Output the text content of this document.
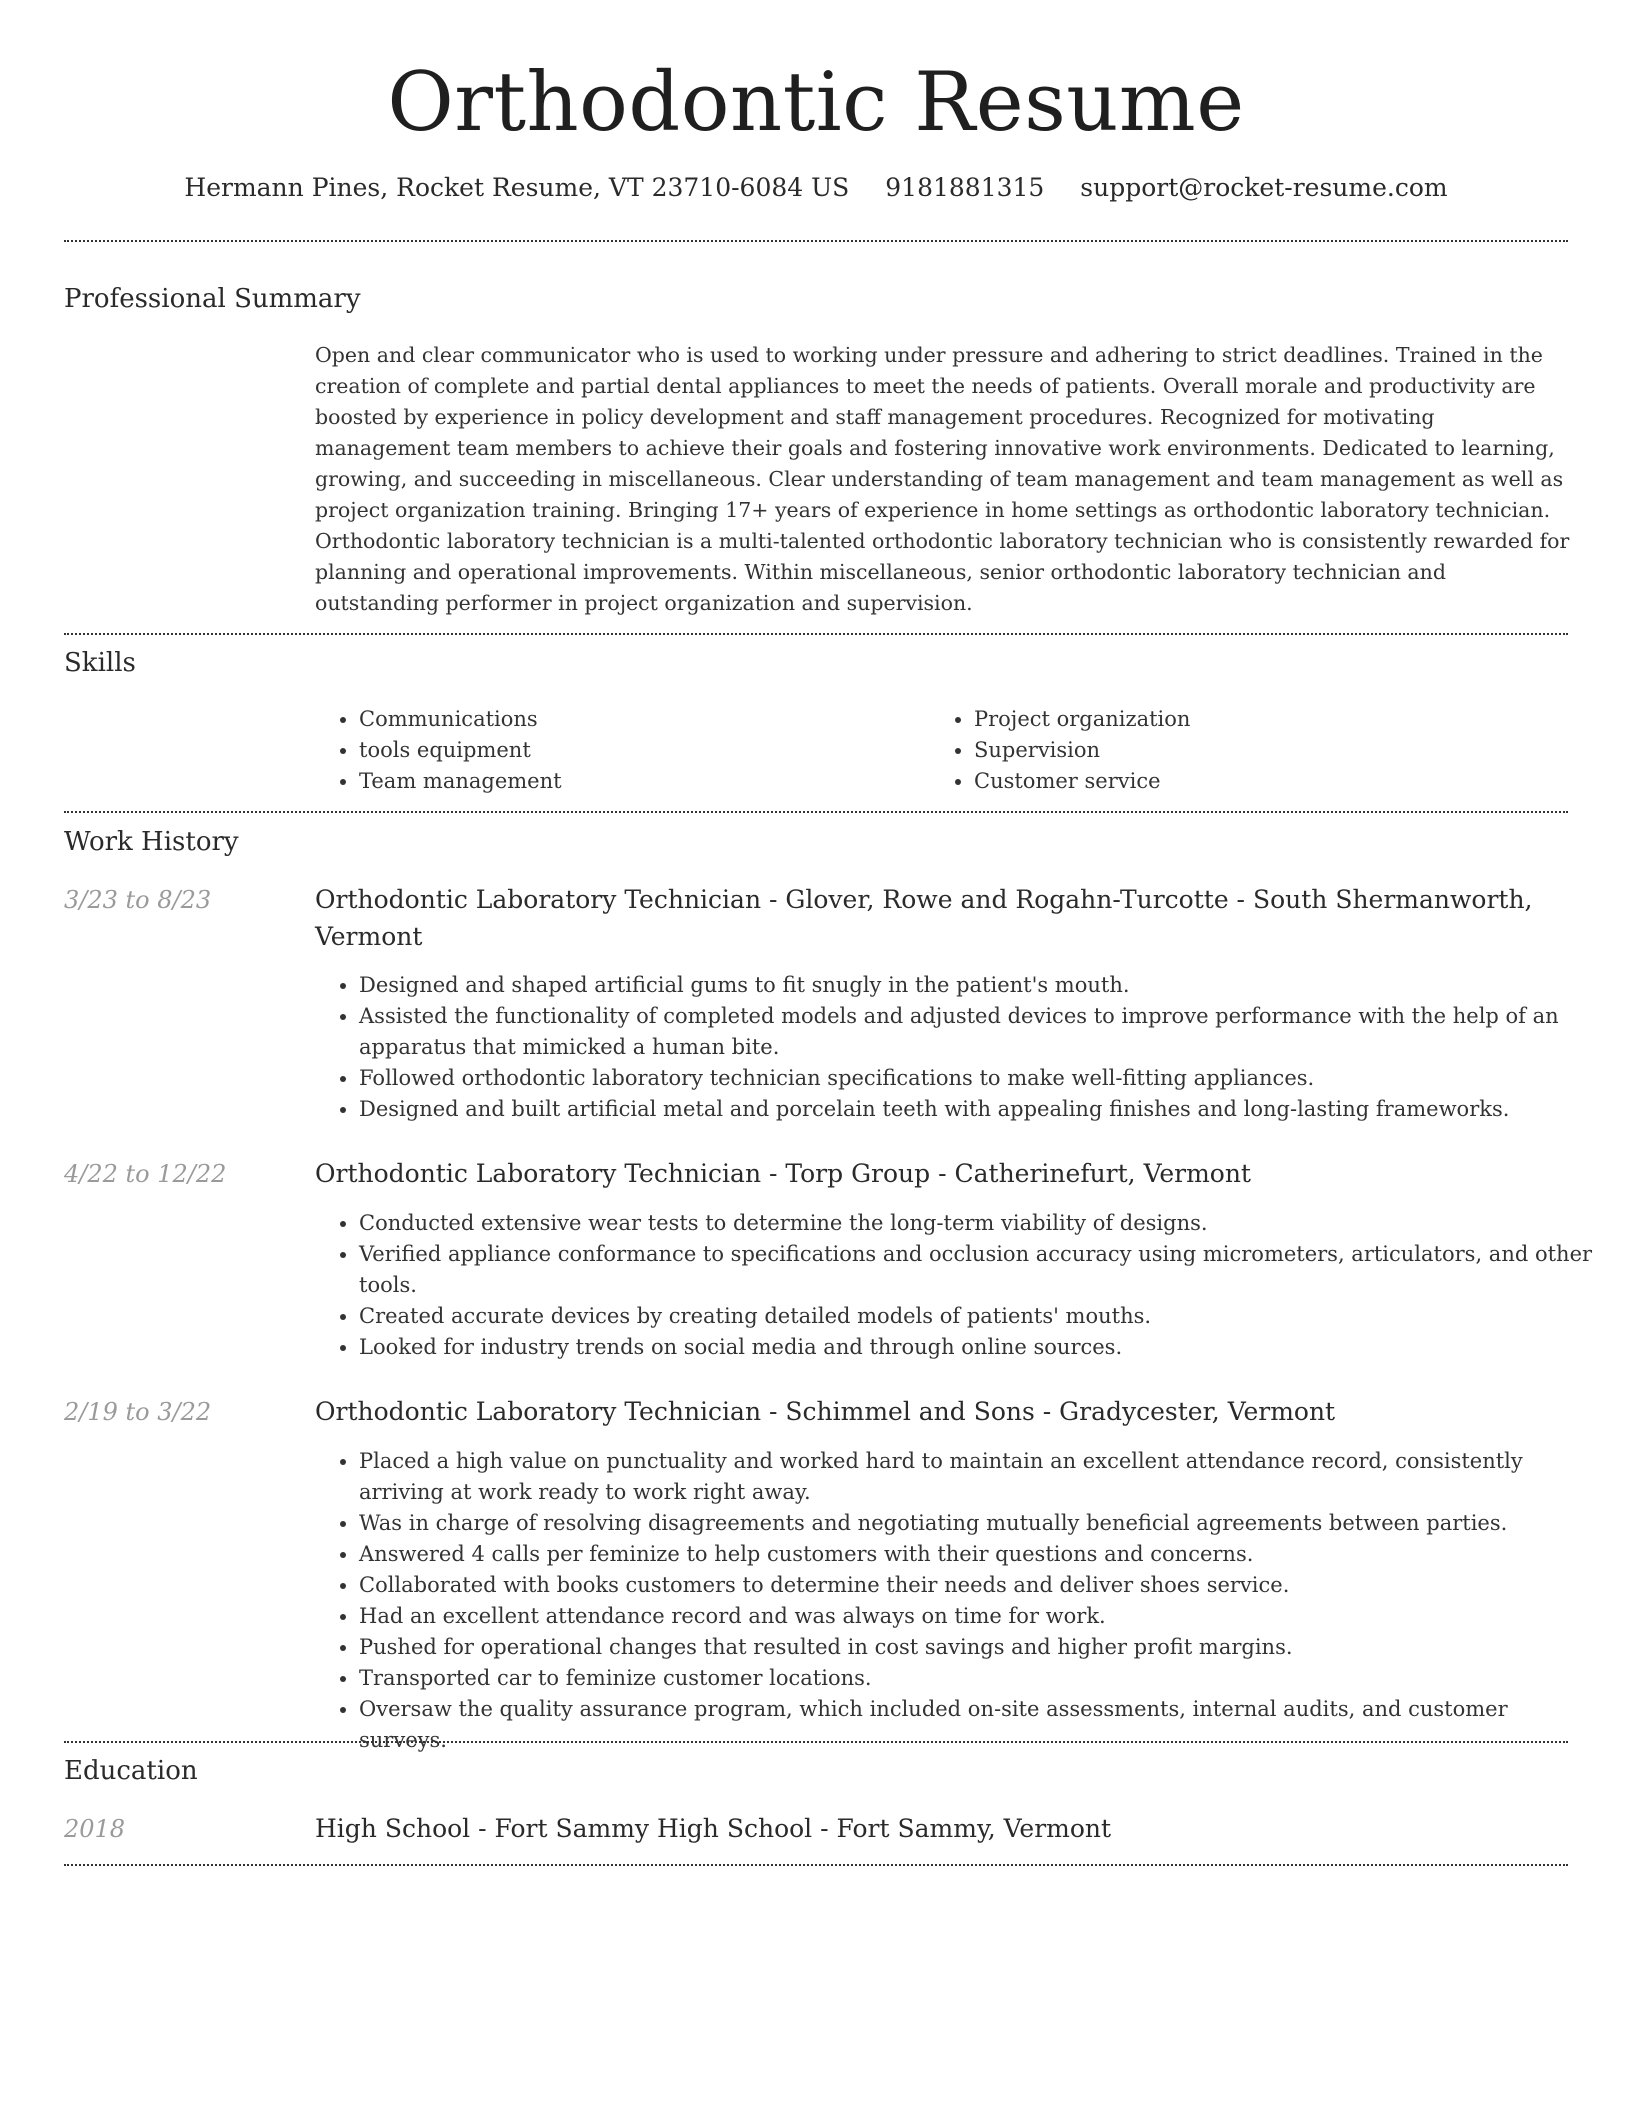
Orthodontic Resume
Hermann Pines, Rocket Resume, VT 23710-6084 US 9181881315 support@rocket-resume.com
Professional Summary
Open and clear communicator who is used to working under pressure and adhering to strict deadlines. Trained in the creation of complete and partial dental appliances to meet the needs of patients. Overall morale and productivity are boosted by experience in policy development and staff management procedures. Recognized for motivating management team members to achieve their goals and fostering innovative work environments. Dedicated to learning, growing, and succeeding in miscellaneous. Clear understanding of team management and team management as well as project organization training. Bringing 17+ years of experience in home settings as orthodontic laboratory technician. Orthodontic laboratory technician is a multi-talented orthodontic laboratory technician who is consistently rewarded for planning and operational improvements. Within miscellaneous, senior orthodontic laboratory technician and outstanding performer in project organization and supervision.
Skills
• Communications
• tools equipment
• Team management
• Project organization
• Supervision
• Customer service
Work History
3/23 to 8/23	Orthodontic Laboratory Technician - Glover, Rowe and Rogahn-Turcotte - South Shermanworth, Vermont
• Designed and shaped artificial gums to fit snugly in the patient's mouth.
• Assisted the functionality of completed models and adjusted devices to improve performance with the help of an apparatus that mimicked a human bite.
• Followed orthodontic laboratory technician specifications to make well-fitting appliances.
• Designed and built artificial metal and porcelain teeth with appealing finishes and long-lasting frameworks.
4/22 to 12/22	Orthodontic Laboratory Technician - Torp Group - Catherinefurt, Vermont
• Conducted extensive wear tests to determine the long-term viability of designs.
• Verified appliance conformance to specifications and occlusion accuracy using micrometers, articulators, and other tools.
• Created accurate devices by creating detailed models of patients' mouths.
• Looked for industry trends on social media and through online sources.
2/19 to 3/22	Orthodontic Laboratory Technician - Schimmel and Sons - Gradycester, Vermont
• Placed a high value on punctuality and worked hard to maintain an excellent attendance record, consistently arriving at work ready to work right away.
• Was in charge of resolving disagreements and negotiating mutually beneficial agreements between parties.
• Answered 4 calls per feminize to help customers with their questions and concerns.
• Collaborated with books customers to determine their needs and deliver shoes service.
• Had an excellent attendance record and was always on time for work.
• Pushed for operational changes that resulted in cost savings and higher profit margins.
• Transported car to feminize customer locations.
• Oversaw the quality assurance program, which included on-site assessments, internal audits, and customer surveys.
Education
2018	High School - Fort Sammy High School - Fort Sammy, Vermont
